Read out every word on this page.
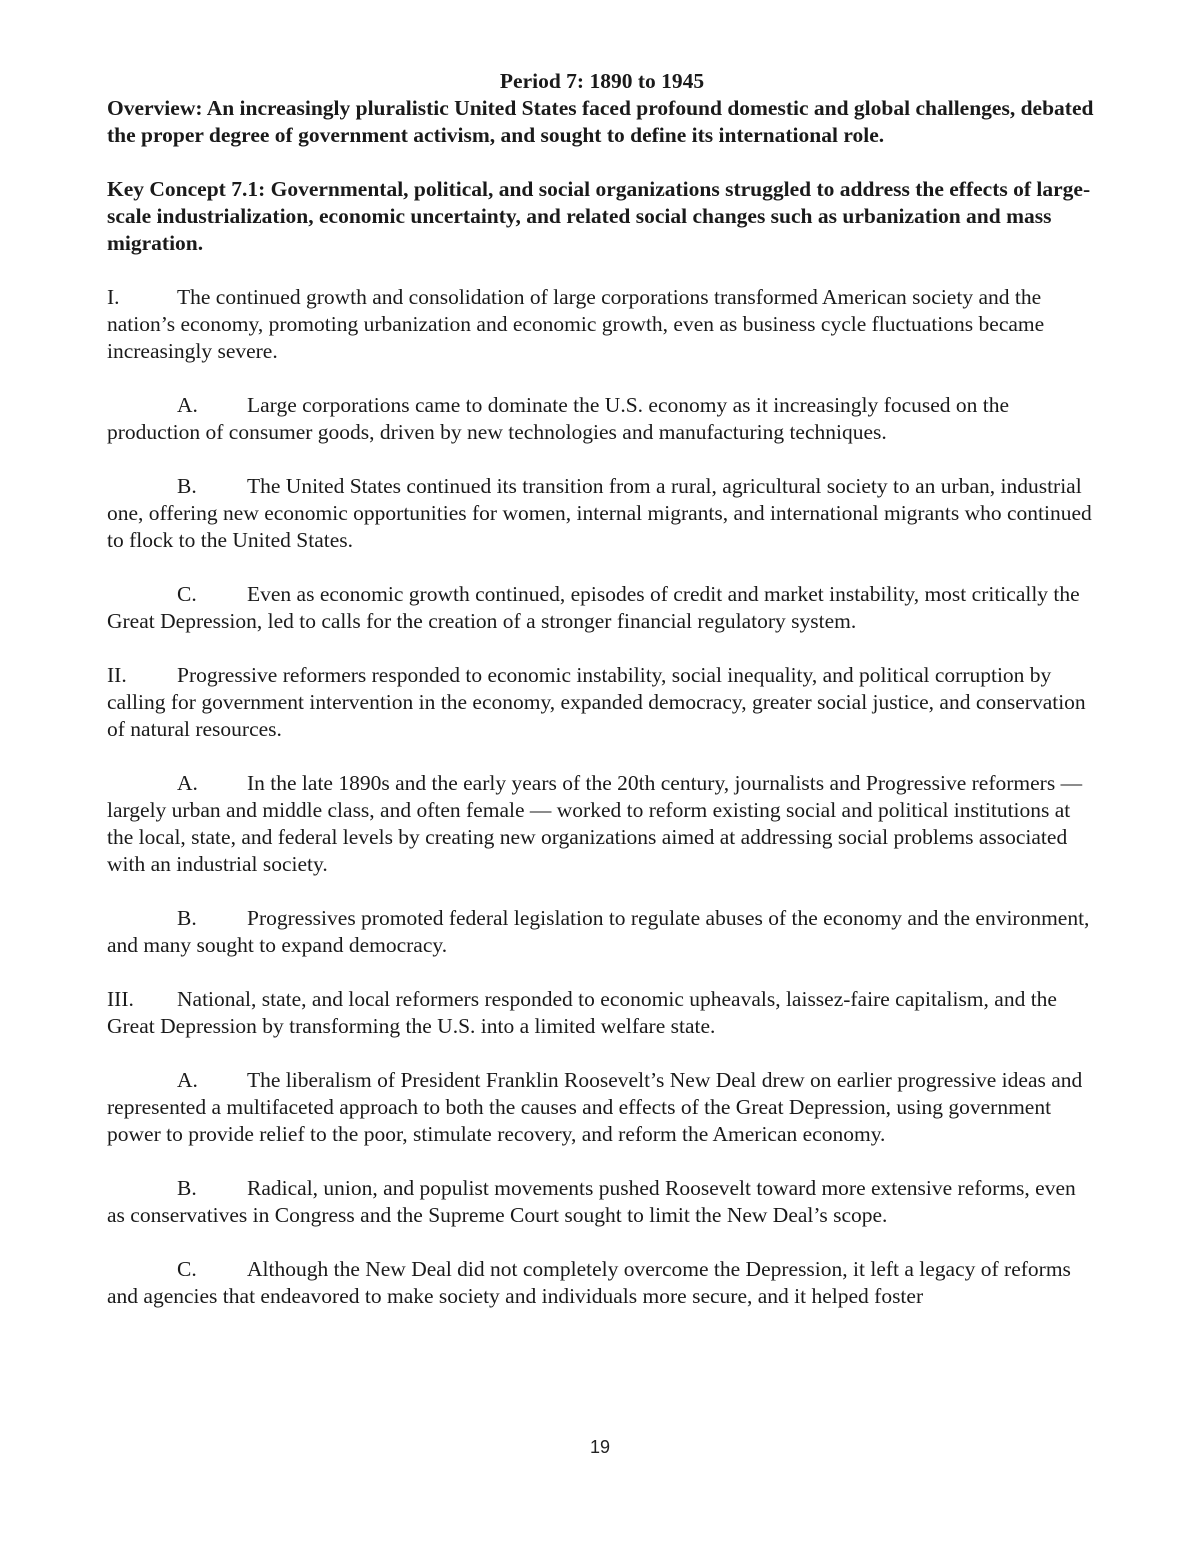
Period 7: 1890 to 1945

Overview: An increasingly pluralistic United States faced profound domestic and global challenges, debated the proper degree of government activism, and sought to define its international role.

Key Concept 7.1: Governmental, political, and social organizations struggled to address the effects of large-scale industrialization, economic uncertainty, and related social changes such as urbanization and mass migration.

I.	The continued growth and consolidation of large corporations transformed American society and the nation’s economy, promoting urbanization and economic growth, even as business cycle fluctuations became increasingly severe.

A. Large corporations came to dominate the U.S. economy as it increasingly focused on the production of consumer goods, driven by new technologies and manufacturing techniques.

B. The United States continued its transition from a rural, agricultural society to an urban, industrial one, offering new economic opportunities for women, internal migrants, and international migrants who continued to flock to the United States.

C. Even as economic growth continued, episodes of credit and market instability, most critically the Great Depression, led to calls for the creation of a stronger financial regulatory system.

II. Progressive reformers responded to economic instability, social inequality, and political corruption by calling for government intervention in the economy, expanded democracy, greater social justice, and conservation of natural resources.

A. In the late 1890s and the early years of the 20th century, journalists and Progressive reformers — largely urban and middle class, and often female — worked to reform existing social and political institutions at the local, state, and federal levels by creating new organizations aimed at addressing social problems associated with an industrial society.

B. Progressives promoted federal legislation to regulate abuses of the economy and the environment, and many sought to expand democracy.

III. National, state, and local reformers responded to economic upheavals, laissez-faire capitalism, and the Great Depression by transforming the U.S. into a limited welfare state.

A. The liberalism of President Franklin Roosevelt’s New Deal drew on earlier progressive ideas and represented a multifaceted approach to both the causes and effects of the Great Depression, using government power to provide relief to the poor, stimulate recovery, and reform the American economy.

B. Radical, union, and populist movements pushed Roosevelt toward more extensive reforms, even as conservatives in Congress and the Supreme Court sought to limit the New Deal’s scope.

C. Although the New Deal did not completely overcome the Depression, it left a legacy of reforms and agencies that endeavored to make society and individuals more secure, and it helped foster

19
